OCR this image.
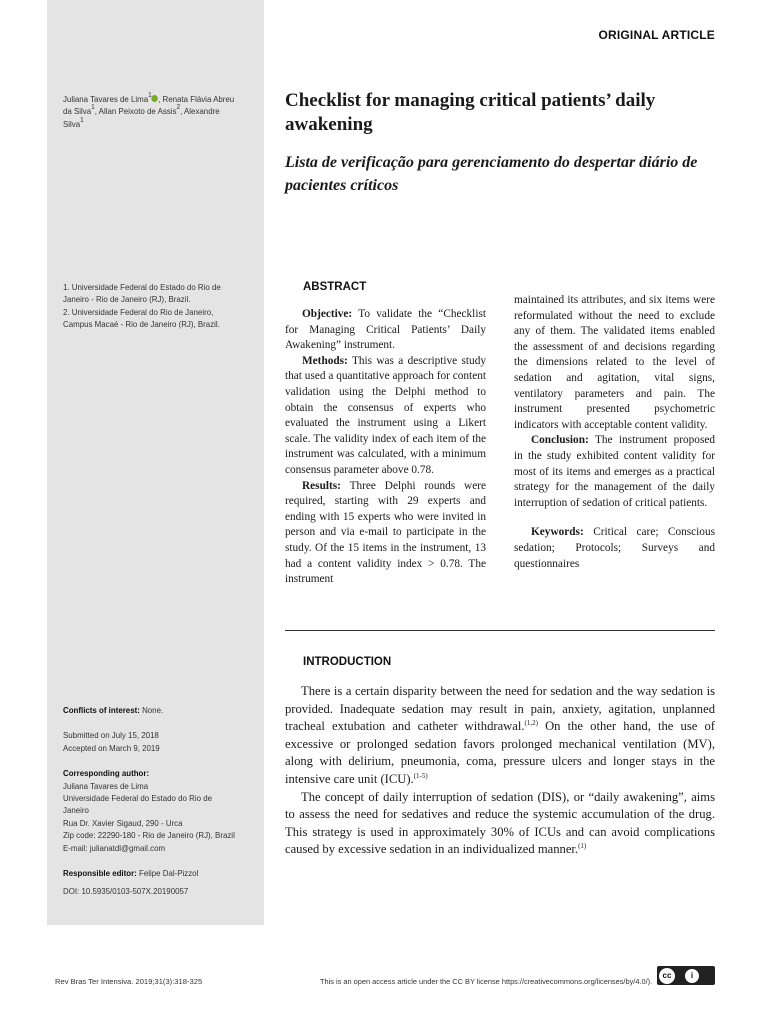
ORIGINAL ARTICLE

Juliana Tavares de Lima$^1$ , Renata Flávia Abreu da Silva$^1$, Allan Peixoto de Assis$^2$, Alexandre Silva$^1$

1. Universidade Federal do Estado do Rio de Janeiro - Rio de Janeiro (RJ), Brazil.

2. Universidade Federal do Rio de Janeiro, Campus Macaé - Rio de Janeiro (RJ), Brazil.

Checklist for managing critical patients’ daily awakening
Lista de verificação para gerenciamento do despertar diário de pacientes críticos
ABSTRACT

Objective: To validate the “Checklist for Managing Critical Patients’ Daily Awakening” instrument.

Methods: This was a descriptive study that used a quantitative approach for content validation using the Delphi method to obtain the consensus of experts who evaluated the instrument using a Likert scale. The validity index of each item of the instrument was calculated, with a minimum consensus parameter above 0.78.

Results: Three Delphi rounds were required, starting with 29 experts and ending with 15 experts who were invited in person and via e-mail to participate in the study. Of the 15 items in the instrument, 13 had a content validity index > 0.78. The instrument

maintained its attributes, and six items were reformulated without the need to exclude any of them. The validated items enabled the assessment of and decisions regarding the dimensions related to the level of sedation and agitation, vital signs, ventilatory parameters and pain. The instrument presented psychometric indicators with acceptable content validity.

Conclusion: The instrument proposed in the study exhibited content validity for most of its items and emerges as a practical strategy for the management of the daily interruption of sedation of critical patients.

Keywords: Critical care; Conscious sedation; Protocols; Surveys and questionnaires

INTRODUCTION

There is a certain disparity between the need for sedation and the way sedation is provided. Inadequate sedation may result in pain, anxiety, agitation, unplanned tracheal extubation and catheter withdrawal.$^{(1,2)}$ On the other hand, the use of excessive or prolonged sedation favors prolonged mechanical ventilation (MV), along with delirium, pneumonia, coma, pressure ulcers and longer stays in the intensive care unit (ICU).$^{(1-5)}$

The concept of daily interruption of sedation (DIS), or “daily awakening”, aims to assess the need for sedatives and reduce the systemic accumulation of the drug. This strategy is used in approximately 30% of ICUs and can avoid complications caused by excessive sedation in an individualized manner.$^{(1)}$

Conflicts of interest: None.

Submitted on July 15, 2018

Accepted on March 9, 2019

Corresponding author:

Juliana Tavares de Lima

Universidade Federal do Estado do Rio de

Janeiro

Rua Dr. Xavier Sigaud, 290 - Urca

Zip code: 22290-180 - Rio de Janeiro (RJ), Brazil

E-mail: julianatdl@gmail.com

Responsible editor: Felipe Dal-Pizzol

DOI: 10.5935/0103-507X.20190057

Rev Bras Ter Intensiva. 2019;31(3):318-325	This is an open access article under the CC BY license https://creativecommons.org/licenses/by/4.0/).
cc	i
